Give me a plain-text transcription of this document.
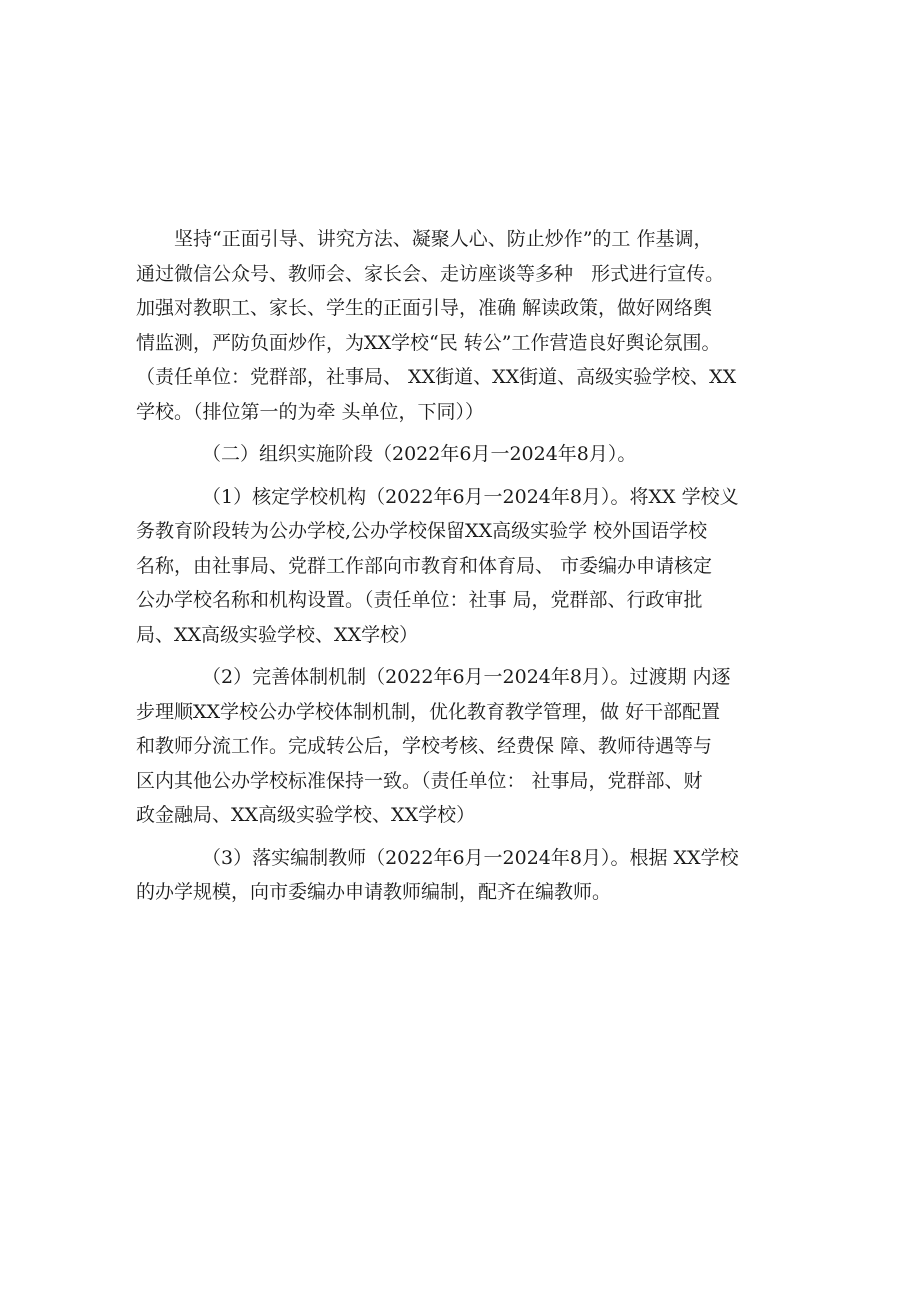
坚持“正面引导、讲究方法、凝聚人心、防止炒作”的工 作基调，
通过微信公众号、教师会、家长会、走访座谈等多种   形式进行宣传。
加强对教职工、家长、学生的正面引导，准确 解读政策，做好网络舆
情监测，严防负面炒作，为XX学校“民 转公”工作营造良好舆论氛围。
（责任单位：党群部，社事局、 XX街道、XX街道、高级实验学校、XX
学校。（排位第一的为牵 头单位，下同））
（二）组织实施阶段（2022年6月一2024年8月）。
（1）核定学校机构（2022年6月一2024年8月）。将XX 学校义
务教育阶段转为公办学校,公办学校保留XX高级实验学 校外国语学校
名称，由社事局、党群工作部向市教育和体育局、 市委编办申请核定
公办学校名称和机构设置。（责任单位：社事 局，党群部、行政审批
局、XX高级实验学校、XX学校）
（2）完善体制机制（2022年6月一2024年8月）。过渡期 内逐
步理顺XX学校公办学校体制机制，优化教育教学管理，做 好干部配置
和教师分流工作。完成转公后，学校考核、经费保 障、教师待遇等与
区内其他公办学校标准保持一致。（责任单位： 社事局，党群部、财
政金融局、XX高级实验学校、XX学校）
（3）落实编制教师（2022年6月一2024年8月）。根据 XX学校
的办学规模，向市委编办申请教师编制，配齐在编教师。
